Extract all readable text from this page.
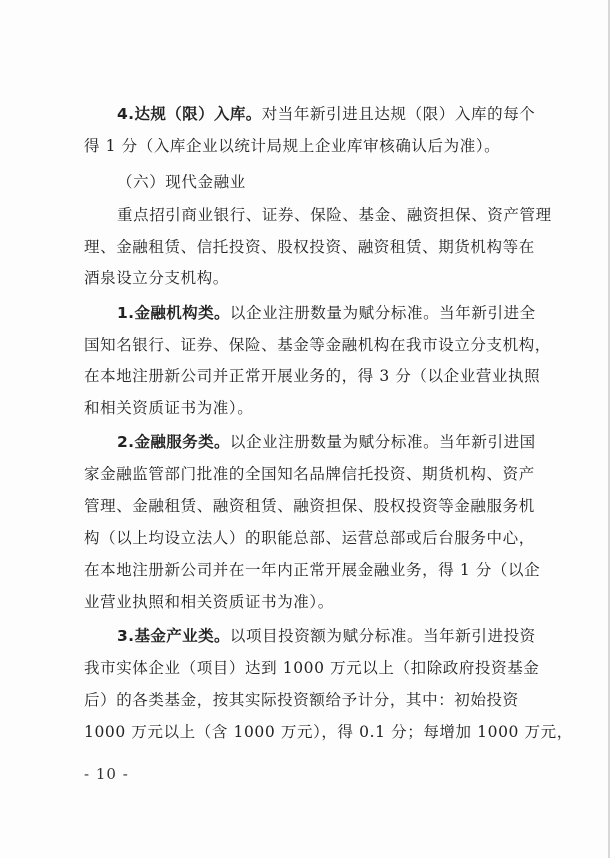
4.达规（限）入库。对当年新引进且达规（限）入库的每个
得 1 分（入库企业以统计局规上企业库审核确认后为准）。
（六）现代金融业
重点招引商业银行、证券、保险、基金、融资担保、资产管理
理、金融租赁、信托投资、股权投资、融资租赁、期货机构等在
酒泉设立分支机构。
1.金融机构类。以企业注册数量为赋分标准。当年新引进全
国知名银行、证券、保险、基金等金融机构在我市设立分支机构，
在本地注册新公司并正常开展业务的，得 3 分（以企业营业执照
和相关资质证书为准）。
2.金融服务类。以企业注册数量为赋分标准。当年新引进国
家金融监管部门批准的全国知名品牌信托投资、期货机构、资产
管理、金融租赁、融资租赁、融资担保、股权投资等金融服务机
构（以上均设立法人）的职能总部、运营总部或后台服务中心，
在本地注册新公司并在一年内正常开展金融业务，得 1 分（以企
业营业执照和相关资质证书为准）。
3.基金产业类。以项目投资额为赋分标准。当年新引进投资
我市实体企业（项目）达到 1000 万元以上（扣除政府投资基金
后）的各类基金，按其实际投资额给予计分，其中：初始投资
1000 万元以上（含 1000 万元），得 0.1 分；每增加 1000 万元，
- 10 -
